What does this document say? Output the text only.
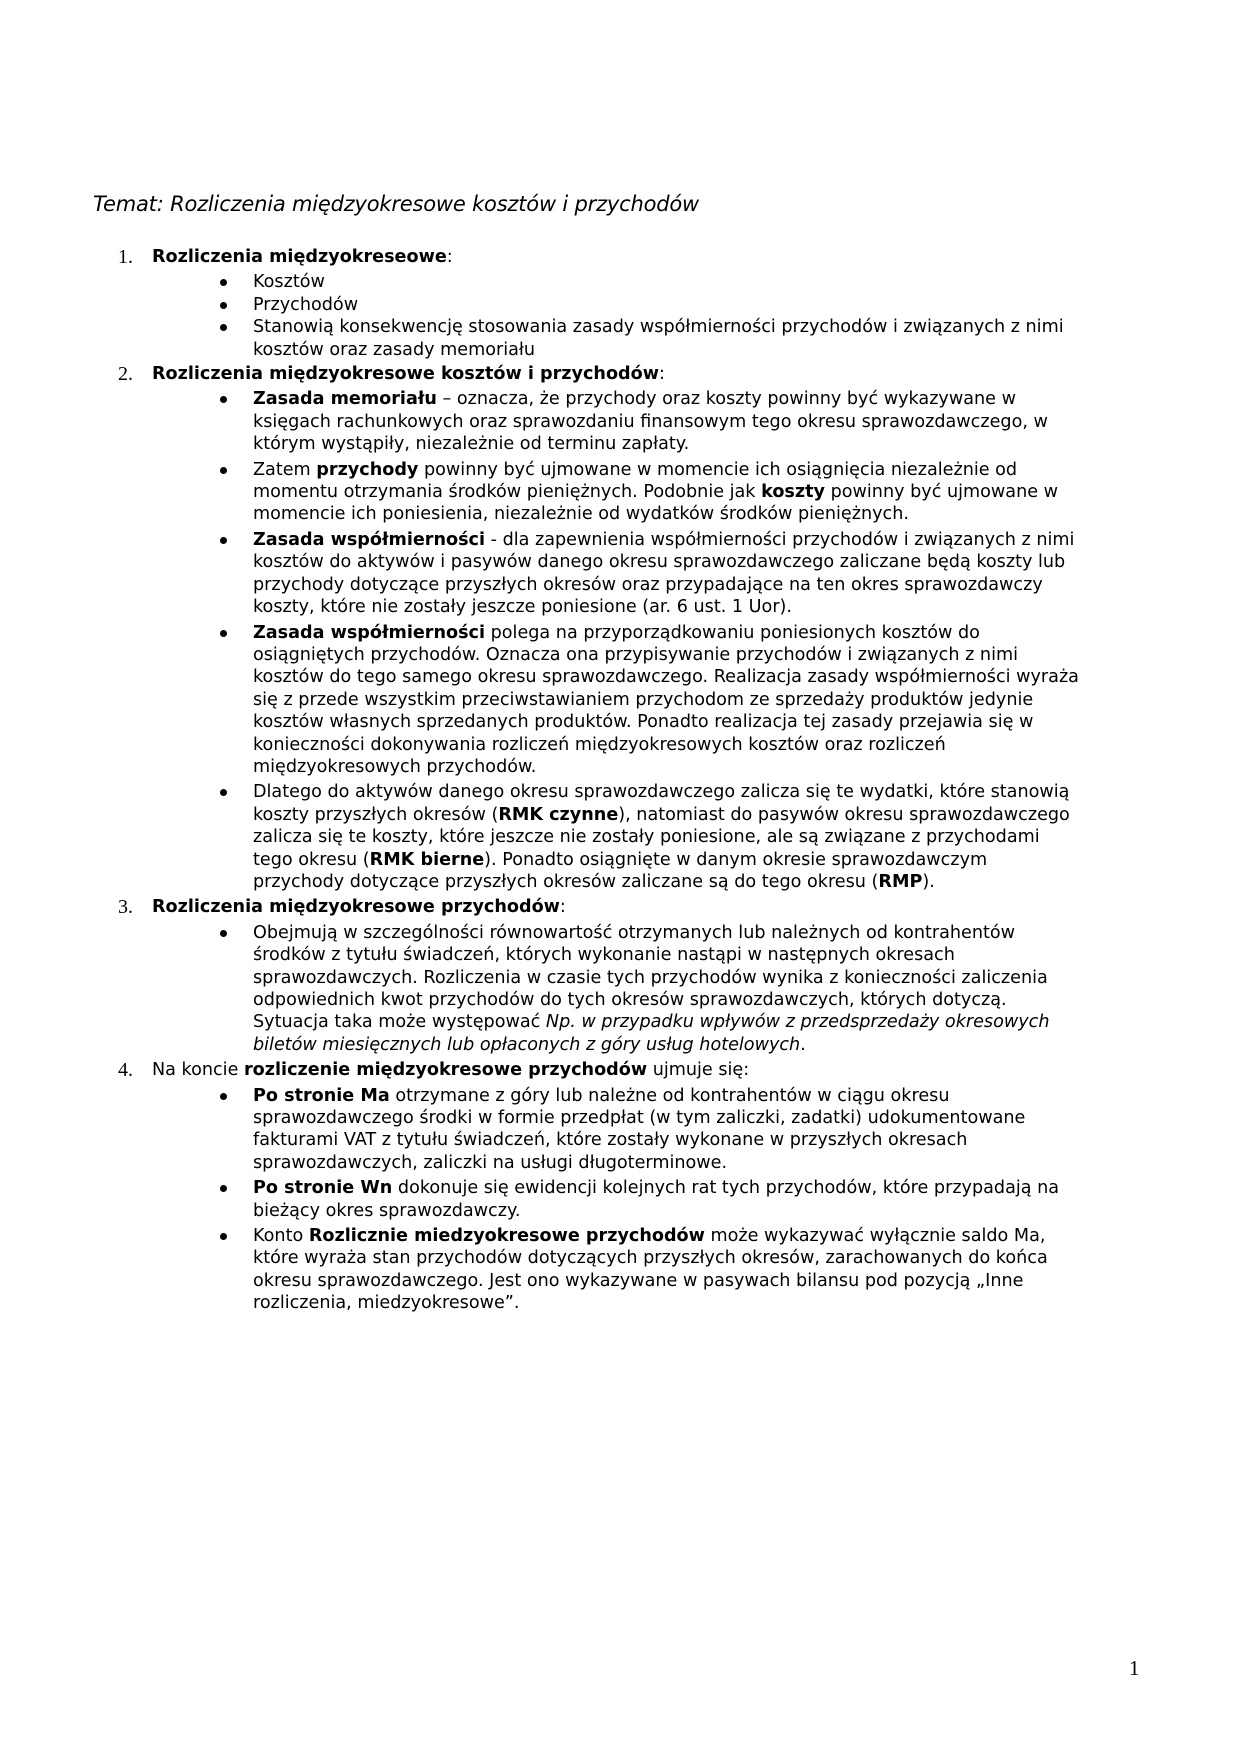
Temat: Rozliczenia międzyokresowe kosztów i przychodów
1. Rozliczenia międzyokreseowe:
Kosztów
Przychodów
Stanowią konsekwencję stosowania zasady współmierności przychodów i związanych z nimi kosztów oraz zasady memoriału
2. Rozliczenia międzyokresowe kosztów i przychodów:
Zasada memoriału – oznacza, że przychody oraz koszty powinny być wykazywane w księgach rachunkowych oraz sprawozdaniu finansowym tego okresu sprawozdawczego, w którym wystąpiły, niezależnie od terminu zapłaty.
Zatem przychody powinny być ujmowane w momencie ich osiągnięcia niezależnie od momentu otrzymania środków pieniężnych. Podobnie jak koszty powinny być ujmowane w momencie ich poniesienia, niezależnie od wydatków środków pieniężnych.
Zasada współmierności - dla zapewnienia współmierności przychodów i związanych z nimi kosztów do aktywów i pasywów danego okresu sprawozdawczego zaliczane będą koszty lub przychody dotyczące przyszłych okresów oraz przypadające na ten okres sprawozdawczy koszty, które nie zostały jeszcze poniesione (ar. 6 ust. 1 Uor).
Zasada współmierności polega na przyporządkowaniu poniesionych kosztów do osiągniętych przychodów. Oznacza ona przypisywanie przychodów i związanych z nimi kosztów do tego samego okresu sprawozdawczego. Realizacja zasady współmierności wyraża się z przede wszystkim przeciwstawianiem przychodom ze sprzedaży produktów jedynie kosztów własnych sprzedanych produktów. Ponadto realizacja tej zasady przejawia się w konieczności dokonywania rozliczeń międzyokresowych kosztów oraz rozliczeń międzyokresowych przychodów.
Dlatego do aktywów danego okresu sprawozdawczego zalicza się te wydatki, które stanowią koszty przyszłych okresów (RMK czynne), natomiast do pasywów okresu sprawozdawczego zalicza się te koszty, które jeszcze nie zostały poniesione, ale są związane z przychodami tego okresu (RMK bierne). Ponadto osiągnięte w danym okresie sprawozdawczym przychody dotyczące przyszłych okresów zaliczane są do tego okresu (RMP).
3. Rozliczenia międzyokresowe przychodów:
Obejmują w szczególności równowartość otrzymanych lub należnych od kontrahentów środków z tytułu świadczeń, których wykonanie nastąpi w następnych okresach sprawozdawczych. Rozliczenia w czasie tych przychodów wynika z konieczności zaliczenia odpowiednich kwot przychodów do tych okresów sprawozdawczych, których dotyczą. Sytuacja taka może występować Np. w przypadku wpływów z przedsprzedaży okresowych biletów miesięcznych lub opłaconych z góry usług hotelowych.
4. Na koncie rozliczenie międzyokresowe przychodów ujmuje się:
Po stronie Ma otrzymane z góry lub należne od kontrahentów w ciągu okresu sprawozdawczego środki w formie przedpłat (w tym zaliczki, zadatki) udokumentowane fakturami VAT z tytułu świadczeń, które zostały wykonane w przyszłych okresach sprawozdawczych, zaliczki na usługi długoterminowe.
Po stronie Wn dokonuje się ewidencji kolejnych rat tych przychodów, które przypadają na bieżący okres sprawozdawczy.
Konto Rozlicznie miedzyokresowe przychodów może wykazywać wyłącznie saldo Ma, które wyraża stan przychodów dotyczących przyszłych okresów, zarachowanych do końca okresu sprawozdawczego. Jest ono wykazywane w pasywach bilansu pod pozycją „Inne rozliczenia, miedzyokresowe”.
1
